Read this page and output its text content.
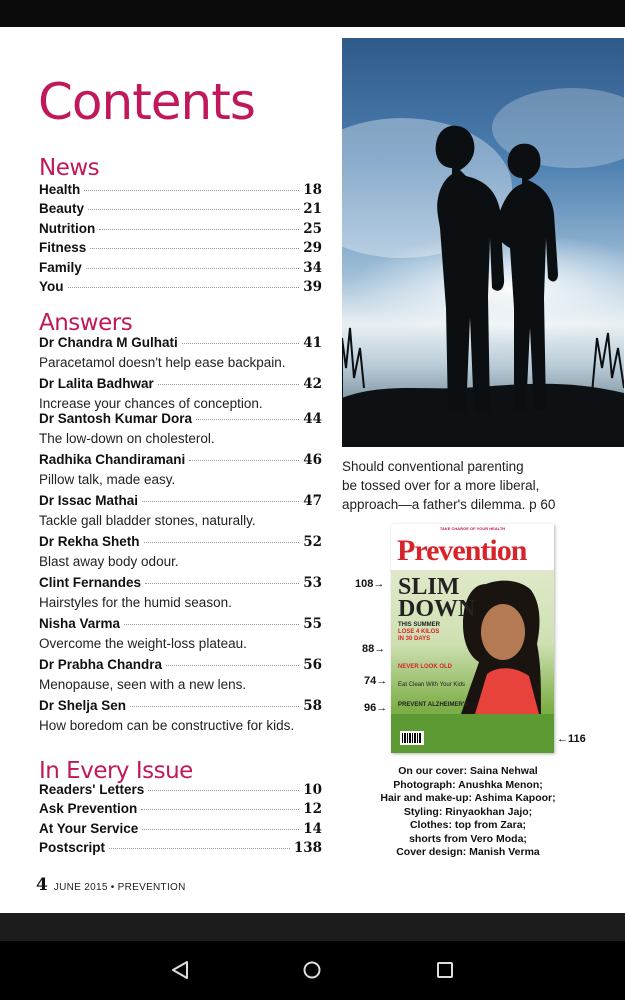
Contents
News
Health	18
Beauty	21
Nutrition	25
Fitness	29
Family	34
You	39
Answers
Dr Chandra M Gulhati	41
Paracetamol doesn't help ease backpain.
Dr Lalita Badhwar	42
Increase your chances of conception.
Dr Santosh Kumar Dora	44
The low-down on cholesterol.
Radhika Chandiramani	46
Pillow talk, made easy.
Dr Issac Mathai	47
Tackle gall bladder stones, naturally.
Dr Rekha Sheth	52
Blast away body odour.
Clint Fernandes	53
Hairstyles for the humid season.
Nisha Varma	55
Overcome the weight-loss plateau.
Dr Prabha Chandra	56
Menopause, seen with a new lens.
Dr Shelja Sen	58
How boredom can be constructive for kids.
In Every Issue
Readers' Letters	10
Ask Prevention	12
At Your Service	14
Postscript	138
4 JUNE 2015 • PREVENTION
Should conventional parenting
be tossed over for a more liberal,
approach—a father's dilemma. p 60
TAKE CHARGE OF YOUR HEALTH
Prevention
SLIM
DOWN
THIS SUMMER
LOSE 4 KILOS
IN 30 DAYS
NEVER LOOK OLD
Eat Clean With Your Kids
PREVENT ALZHEIMER'S
108→
88→
74→
96→
←116
On our cover: Saina Nehwal
Photograph: Anushka Menon;
Hair and make-up: Ashima Kapoor;
Styling: Rinyaokhan Jajo;
Clothes: top from Zara;
shorts from Vero Moda;
Cover design: Manish Verma
